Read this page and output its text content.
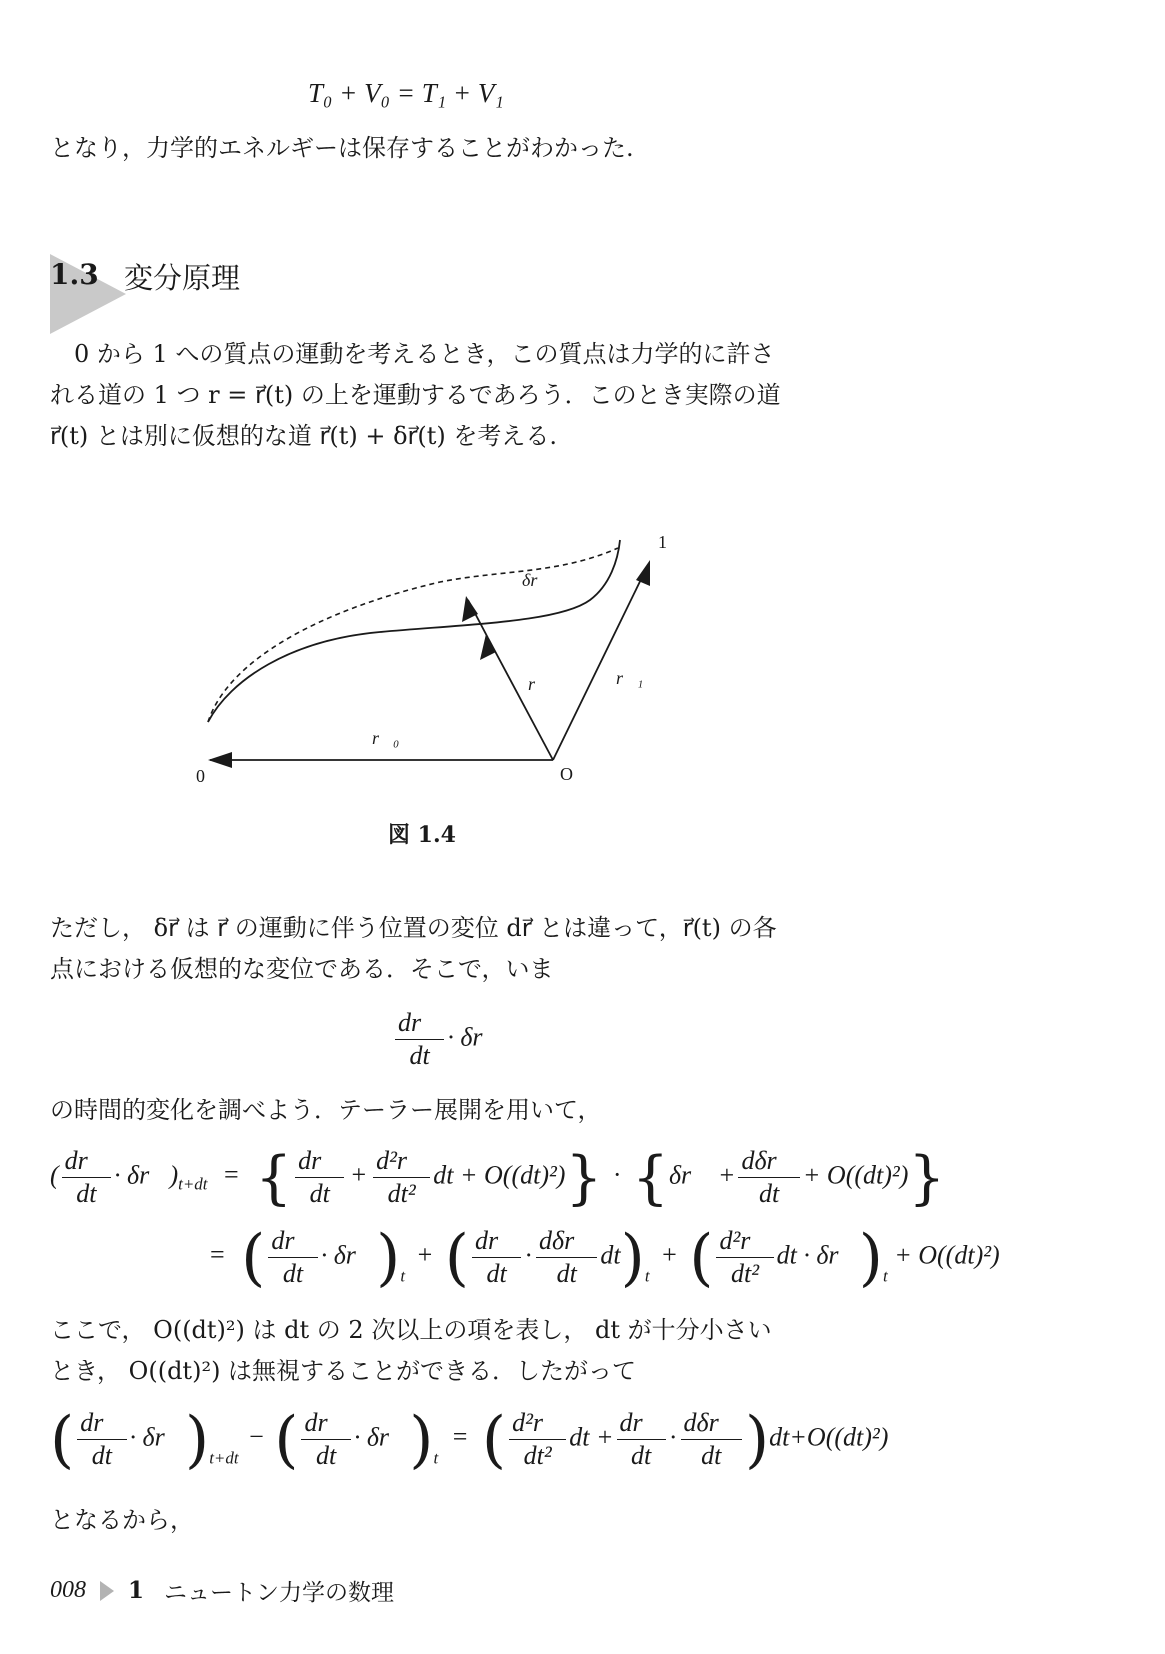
T₀ + V₀ = T₁ + V₁
となり，力学的エネルギーは保存することがわかった.
1.3 変分原理
0 から 1 への質点の運動を考えるとき，この質点は力学的に許さ
れる道の 1 つ r = r⃗(t) の上を運動するであろう．このとき実際の道
r⃗(t) とは別に仮想的な道 r⃗(t) + δr⃗(t) を考える.
1
0	O
δr⃗
r⃗
r⃗₀
r⃗₁
図 1.4
ただし， δr⃗ は r⃗ の運動に伴う位置の変位 dr⃗ とは違って，r⃗(t) の各
点における仮想的な変位である．そこで，いま
$\frac{dr⃗}{dt}$ · δr⃗
の時間的変化を調べよう．テーラー展開を用いて，
( $\frac{dr⃗}{dt}$ · $\delta r⃗)_{t+dt}$ = { $\frac{dr⃗}{dt} + \frac{\text{d²r⃗}}{\text{dt²}}$ dt + O((dt)²)} · {δr⃗ + $\frac{\text{dδr⃗}}{dt} + O((dt)^2)$}
= ( $\frac{dr⃗}{dt}$ · $\delta r⃗)_t$ + ( $\frac{dr⃗}{dt} \cdot \frac{\text{dδr⃗}}{dt} dt)_t$ + ( $\frac{\text{d²r⃗}}{\text{dt²}}$ dt · $\delta r⃗)_t + O((dt)^2)$
ここで， O((dt)²) は dt の 2 次以上の項を表し， dt が十分小さい
とき， O((dt)²) は無視することができる．したがって
( $\frac{dr⃗}{dt}$ · $\delta r⃗)_{t+dt}$ − ( $\frac{dr⃗}{dt}$ · $\delta r⃗)_t$ = ( $\frac{\text{d²r⃗}}{\text{dt²}}$ dt + $\frac{dr⃗}{dt} \cdot \frac{\text{dδr⃗}}{dt} )dt+O((dt)^2)$
となるから，
008 1 ニュートン力学の数理
